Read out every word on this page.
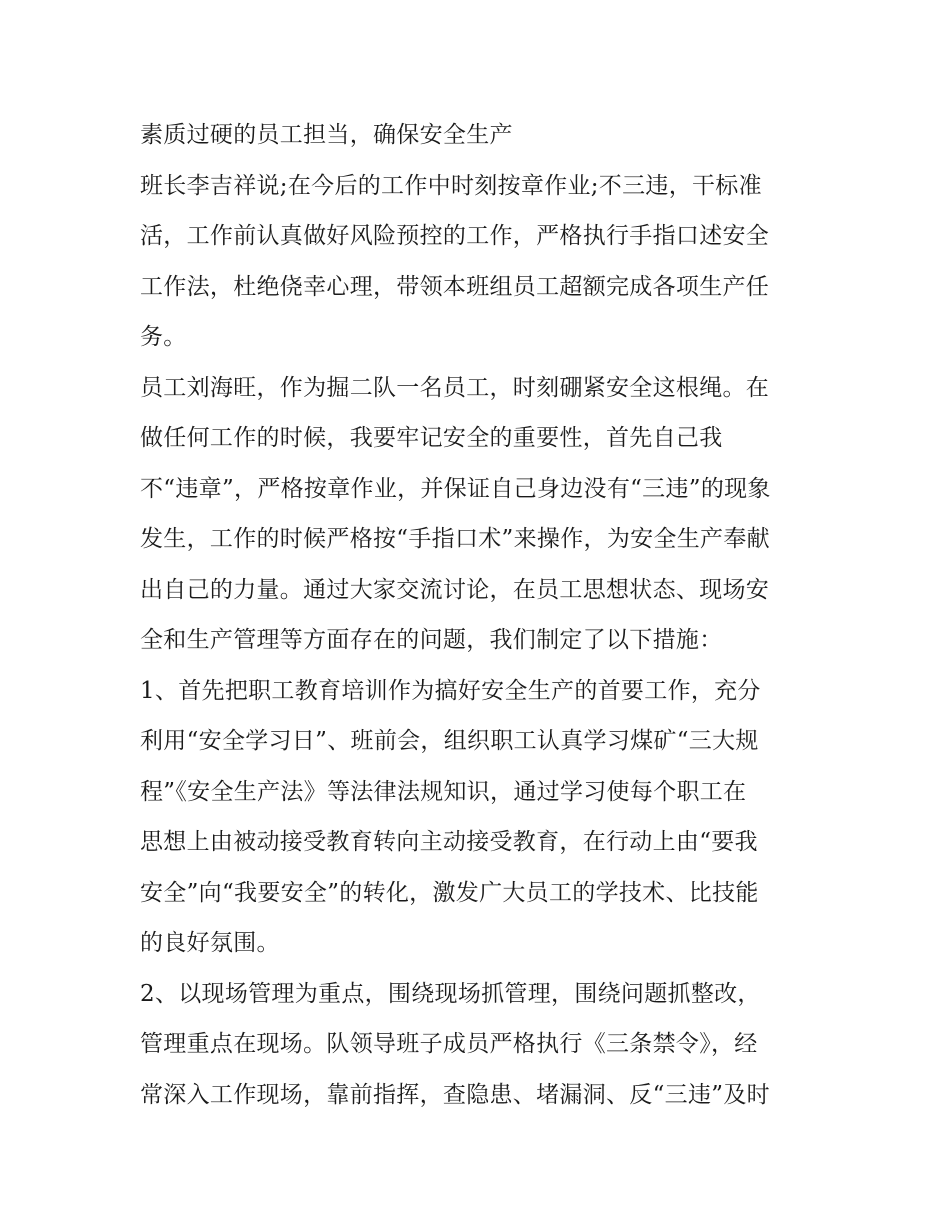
素质过硬的员工担当，确保安全生产
班长李吉祥说;在今后的工作中时刻按章作业;不三违，干标准
活，工作前认真做好风险预控的工作，严格执行手指口述安全
工作法，杜绝侥幸心理，带领本班组员工超额完成各项生产任
务。
员工刘海旺，作为掘二队一名员工，时刻硼紧安全这根绳。在
做任何工作的时候，我要牢记安全的重要性，首先自己我
不“违章”，严格按章作业，并保证自己身边没有“三违”的现象
发生，工作的时候严格按“手指口术”来操作，为安全生产奉献
出自己的力量。通过大家交流讨论，在员工思想状态、现场安
全和生产管理等方面存在的问题，我们制定了以下措施：
1、首先把职工教育培训作为搞好安全生产的首要工作，充分
利用“安全学习日”、班前会，组织职工认真学习煤矿“三大规
程”《安全生产法》等法律法规知识，通过学习使每个职工在
思想上由被动接受教育转向主动接受教育，在行动上由“要我
安全”向“我要安全”的转化，激发广大员工的学技术、比技能
的良好氛围。
2、以现场管理为重点，围绕现场抓管理，围绕问题抓整改，
管理重点在现场。队领导班子成员严格执行《三条禁令》，经
常深入工作现场，靠前指挥，查隐患、堵漏洞、反“三违”及时
